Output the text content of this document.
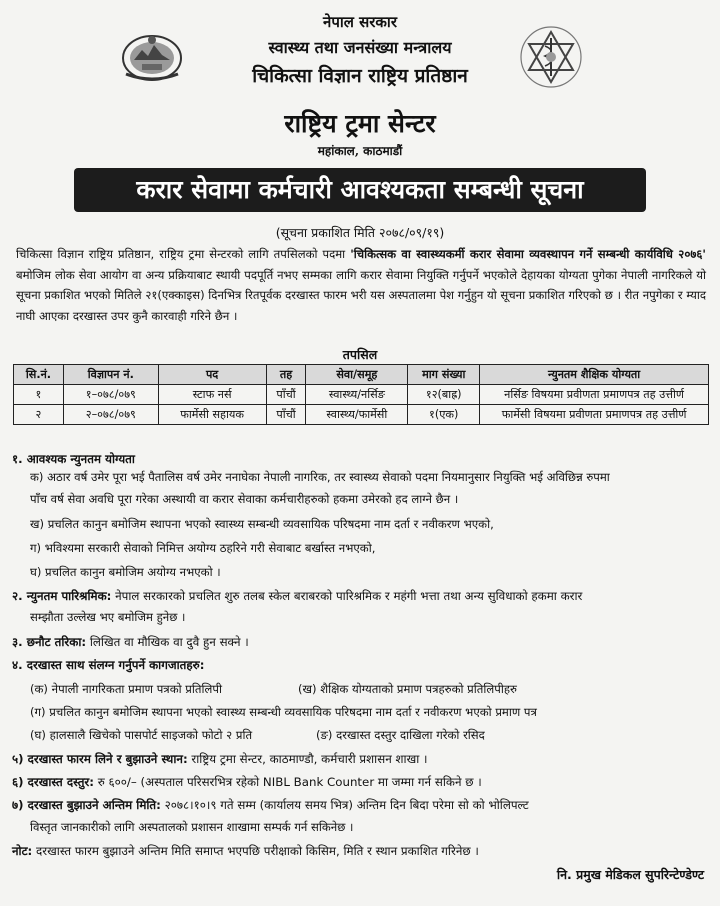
नेपाल सरकार
स्वास्थ्य तथा जनसंख्या मन्त्रालय
चिकित्सा विज्ञान राष्ट्रिय प्रतिष्ठान
राष्ट्रिय ट्रमा सेन्टर
महांकाल, काठमाडौं
करार सेवामा कर्मचारी आवश्यकता सम्बन्धी सूचना
(सूचना प्रकाशित मिति २०७८/०९/१९)
चिकित्सा विज्ञान राष्ट्रिय प्रतिष्ठान, राष्ट्रिय ट्रमा सेन्टरको लागि तपसिलको पदमा 'चिकित्सक वा स्वास्थ्यकर्मी करार सेवामा व्यवस्थापन गर्ने सम्बन्धी कार्यविधि २०७६' बमोजिम लोक सेवा आयोग वा अन्य प्रक्रियाबाट स्थायी पदपूर्ति नभए सम्मका लागि करार सेवामा नियुक्ति गर्नुपर्ने भएकोले देहायका योग्यता पुगेका नेपाली नागरिकले यो सूचना प्रकाशित भएको मितिले २१(एक्काइस) दिनभित्र रितपूर्वक दरखास्त फारम भरी यस अस्पतालमा पेश गर्नुहुन यो सूचना प्रकाशित गरिएको छ । रीत नपुगेका र म्याद नाघी आएका दरखास्त उपर कुनै कारवाही गरिने छैन ।
तपसिल
सि.नं.	विज्ञापन नं.	पद	तह	सेवा/समूह	माग संख्या	न्युनतम शैक्षिक योग्यता
१	१–०७८/०७९	स्टाफ नर्स	पाँचौं	स्वास्थ्य/नर्सिङ	१२(बाह्र)	नर्सिङ विषयमा प्रवीणता प्रमाणपत्र तह उत्तीर्ण
२	२–०७८/०७९	फार्मेसी सहायक	पाँचौं	स्वास्थ्य/फार्मेसी	१(एक)	फार्मेसी विषयमा प्रवीणता प्रमाणपत्र तह उत्तीर्ण
१. आवश्यक न्युनतम योग्यता
क) अठार वर्ष उमेर पूरा भई पैतालिस वर्ष उमेर ननाघेका नेपाली नागरिक, तर स्वास्थ्य सेवाको पदमा नियमानुसार नियुक्ति भई अविछिन्न रुपमा
पाँच वर्ष सेवा अवधि पूरा गरेका अस्थायी वा करार सेवाका कर्मचारीहरुको हकमा उमेरको हद लाग्ने छैन ।
ख) प्रचलित कानुन बमोजिम स्थापना भएको स्वास्थ्य सम्बन्धी व्यवसायिक परिषदमा नाम दर्ता र नवीकरण भएको,
ग) भविश्यमा सरकारी सेवाको निमित्त अयोग्य ठहरिने गरी सेवाबाट बर्खास्त नभएको,
घ) प्रचलित कानुन बमोजिम अयोग्य नभएको ।
२. न्युनतम पारिश्रमिक: नेपाल सरकारको प्रचलित शुरु तलब स्केल बराबरको पारिश्रमिक र महंगी भत्ता तथा अन्य सुविधाको हकमा करार
सम्झौता उल्लेख भए बमोजिम हुनेछ ।
३. छनौट तरिका: लिखित वा मौखिक वा दुवै हुन सक्ने ।
४. दरखास्त साथ संलग्न गर्नुपर्ने कागजातहरु:
(क) नेपाली नागरिकता प्रमाण पत्रको प्रतिलिपी	(ख) शैक्षिक योग्यताको प्रमाण पत्रहरुको प्रतिलिपीहरु
(ग) प्रचलित कानुन बमोजिम स्थापना भएको स्वास्थ्य सम्बन्धी व्यवसायिक परिषदमा नाम दर्ता र नवीकरण भएको प्रमाण पत्र
(घ) हालसालै खिचेको पासपोर्ट साइजको फोटो २ प्रति	(ङ) दरखास्त दस्तुर दाखिला गरेको रसिद
५) दरखास्त फारम लिने र बुझाउने स्थान: राष्ट्रिय ट्रमा सेन्टर, काठमाण्डौ, कर्मचारी प्रशासन शाखा ।
६) दरखास्त दस्तुर: रु ६००/– (अस्पताल परिसरभित्र रहेको NIBL Bank Counter मा जम्मा गर्न सकिने छ ।
७) दरखास्त बुझाउने अन्तिम मिति: २०७८।१०।९ गते सम्म (कार्यालय समय भित्र) अन्तिम दिन बिदा परेमा सो को भोलिपल्ट
विस्तृत जानकारीको लागि अस्पतालको प्रशासन शाखामा सम्पर्क गर्न सकिनेछ ।
नोट: दरखास्त फारम बुझाउने अन्तिम मिति समाप्त भएपछि परीक्षाको किसिम, मिति र स्थान प्रकाशित गरिनेछ ।
नि. प्रमुख मेडिकल सुपरिन्टेण्डेण्ट
